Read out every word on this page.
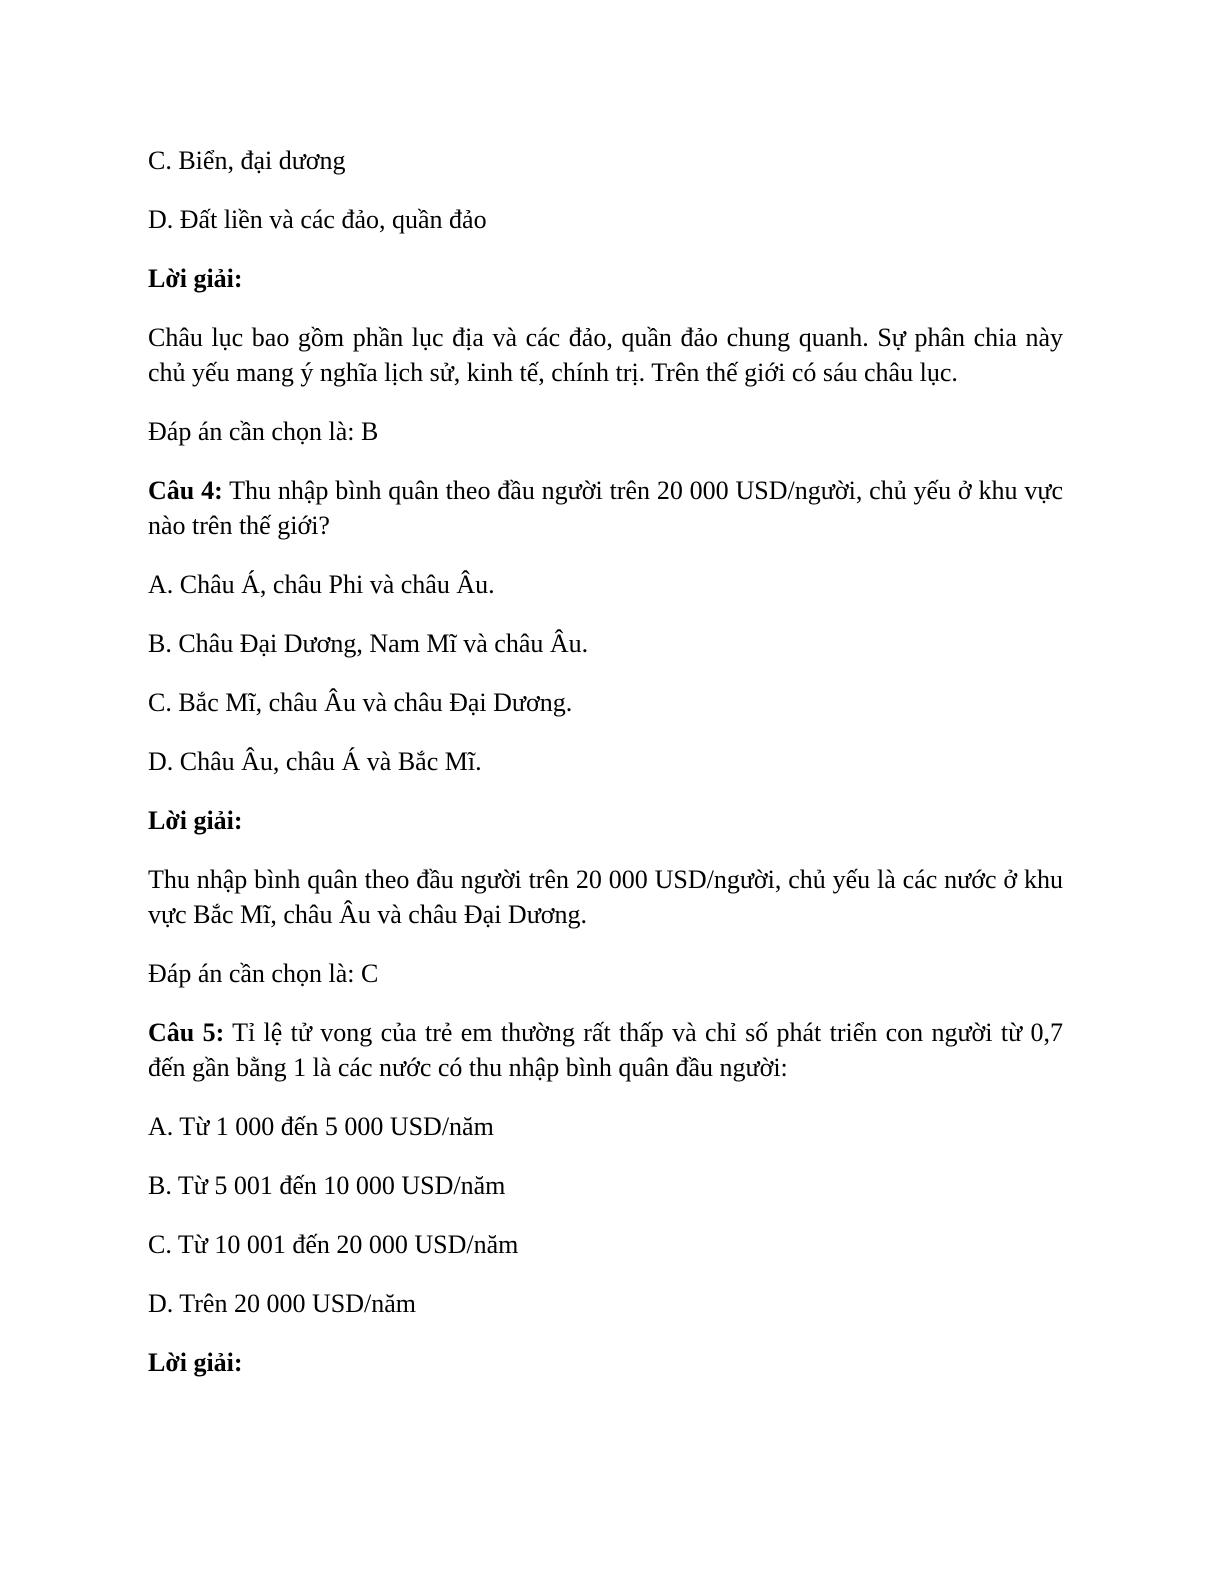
C. Biển, đại dương

D. Đất liền và các đảo, quần đảo

Lời giải:

Châu lục bao gồm phần lục địa và các đảo, quần đảo chung quanh. Sự phân chia này chủ yếu mang ý nghĩa lịch sử, kinh tế, chính trị. Trên thế giới có sáu châu lục.

Đáp án cần chọn là: B

Câu 4: Thu nhập bình quân theo đầu người trên 20 000 USD/người, chủ yếu ở khu vực nào trên thế giới?

A. Châu Á, châu Phi và châu Âu.

B. Châu Đại Dương, Nam Mĩ và châu Âu.

C. Bắc Mĩ, châu Âu và châu Đại Dương.

D. Châu Âu, châu Á và Bắc Mĩ.

Lời giải:

Thu nhập bình quân theo đầu người trên 20 000 USD/người, chủ yếu là các nước ở khu vực Bắc Mĩ, châu Âu và châu Đại Dương.

Đáp án cần chọn là: C

Câu 5: Tỉ lệ tử vong của trẻ em thường rất thấp và chỉ số phát triển con người từ 0,7 đến gần bằng 1 là các nước có thu nhập bình quân đầu người:

A. Từ 1 000 đến 5 000 USD/năm

B. Từ 5 001 đến 10 000 USD/năm

C. Từ 10 001 đến 20 000 USD/năm

D. Trên 20 000 USD/năm

Lời giải:
